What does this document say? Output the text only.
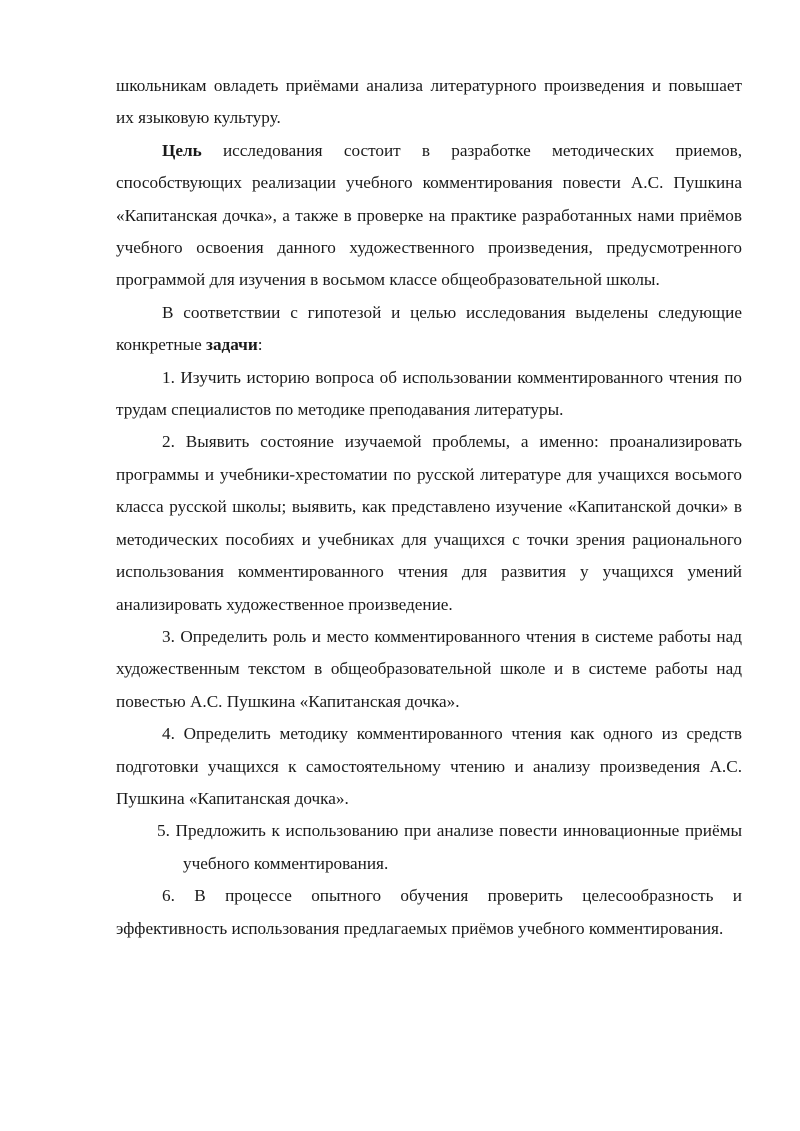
школьникам овладеть приёмами анализа литературного произведения и повышает их языковую культуру.

Цель исследования состоит в разработке методических приемов, способствующих реализации учебного комментирования повести А.С. Пушкина «Капитанская дочка», а также в проверке на практике разработанных нами приёмов учебного освоения данного художественного произведения, предусмотренного программой для изучения в восьмом классе общеобразовательной школы.

В соответствии с гипотезой и целью исследования выделены следующие конкретные задачи:

1. Изучить историю вопроса об использовании комментированного чтения по трудам специалистов по методике преподавания литературы.

2. Выявить состояние изучаемой проблемы, а именно: проанализировать программы и учебники-хрестоматии по русской литературе для учащихся восьмого класса русской школы; выявить, как представлено изучение «Капитанской дочки» в методических пособиях и учебниках для учащихся с точки зрения рационального использования комментированного чтения для развития у учащихся умений анализировать художественное произведение.

3. Определить роль и место комментированного чтения в системе работы над художественным текстом в общеобразовательной школе и в системе работы над повестью А.С. Пушкина «Капитанская дочка».

4. Определить методику комментированного чтения как одного из средств подготовки учащихся к самостоятельному чтению и анализу произведения А.С. Пушкина «Капитанская дочка».

5. Предложить к использованию при анализе повести инновационные приёмы учебного комментирования.

6. В процессе опытного обучения проверить целесообразность и эффективность использования предлагаемых приёмов учебного комментирования.
